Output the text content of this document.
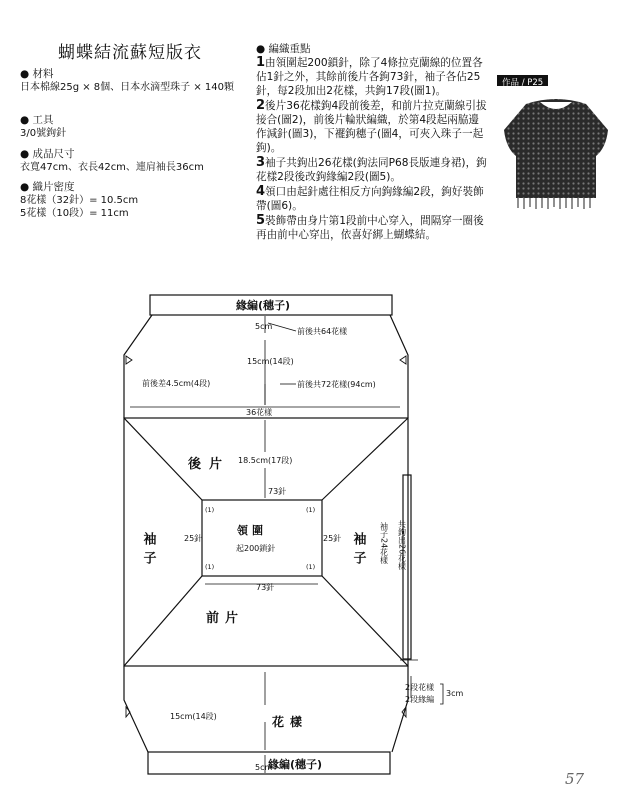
蝴蝶結流蘇短版衣
● 材料
日本棉線25g × 8個、日本水滴型珠子 × 140顆
● 工具
3/0號鉤針
● 成品尺寸
衣寬47cm、衣長42cm、連肩袖長36cm
● 織片密度
8花樣（32針）= 10.5cm
5花樣（10段）= 11cm
● 編織重點
1由領圍起200鎖針，除了4條拉克蘭線的位置各佔1針之外，其餘前後片各鉤73針，袖子各佔25針，每2段加出2花樣，共鉤17段(圖1)。
2後片36花樣鉤4段前後差，和前片拉克蘭線引拔接合(圖2)，前後片輪狀編織，於第4段起兩脇邊作減針(圖3)，下襬鉤穗子(圖4，可夾入珠子一起鉤)。
3袖子共鉤出26花樣(鉤法同P68長版連身裙)，鉤花樣2段後改鉤緣編2段(圖5)。
4領口由起針處往相反方向鉤緣編2段，鉤好裝飾帶(圖6)。
5裝飾帶由身片第1段前中心穿入，間隔穿一圈後再由前中心穿出，依喜好綁上蝴蝶結。
作品 / P25
緣編(穗子)
5cm
前後共64花樣
15cm(14段)
前後差4.5cm(4段)	前後共72花樣(94cm)
36花樣
後片 18.5cm(17段)
73針
領圍
起200鎖針
25針	25針
(1)	(1)
(1)	(1)
73針
前片
花樣
15cm(14段)
5cm
緣編(穗子)
袖子	袖子	共鉤出26花樣
袖子24花樣
2段花樣
2段緣編
3cm
57
